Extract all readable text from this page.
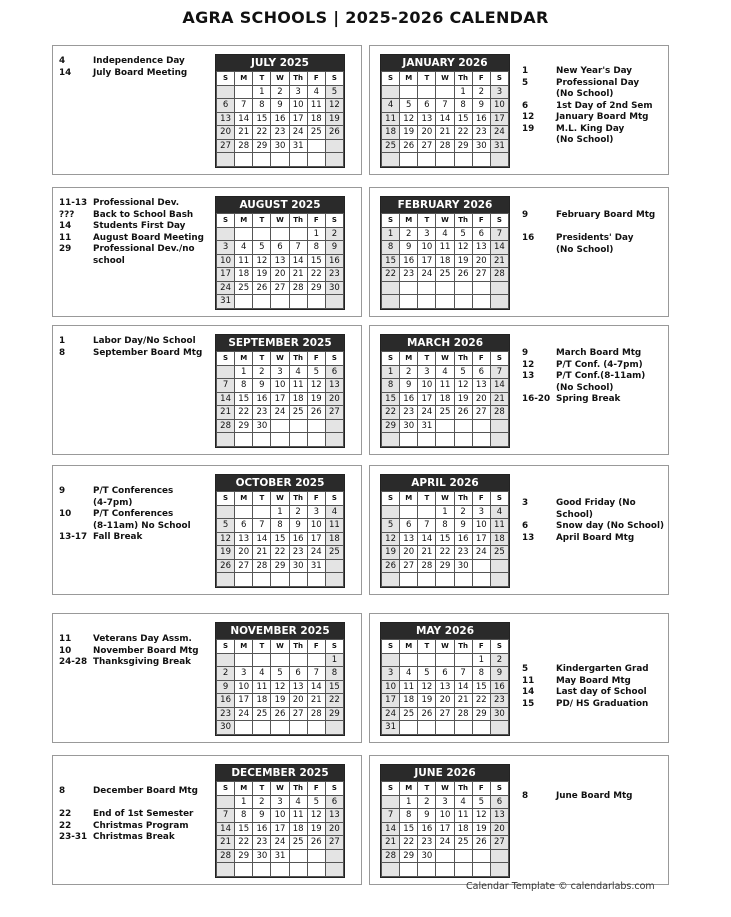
AGRA SCHOOLS | 2025-2026 CALENDAR
JULY 2025
S	M	T	W	Th	F	S
		1	2	3	4	5
6	7	8	9	10	11	12
13	14	15	16	17	18	19
20	21	22	23	24	25	26
27	28	29	30	31		

4	Independence Day
14	July Board Meeting
JANUARY 2026
S	M	T	W	Th	F	S
				1	2	3
4	5	6	7	8	9	10
11	12	13	14	15	16	17
18	19	20	21	22	23	24
25	26	27	28	29	30	31

1	New Year's Day
5	Professional Day
(No School)
6	1st Day of 2nd Sem
12	January Board Mtg
19	M.L. King Day
(No School)
AUGUST 2025
S	M	T	W	Th	F	S
					1	2
3	4	5	6	7	8	9
10	11	12	13	14	15	16
17	18	19	20	21	22	23
24	25	26	27	28	29	30
31						
11-13 Professional Dev.
???	Back to School Bash
14	Students First Day
11	August Board Meeting
29	Professional Dev./no school
FEBRUARY 2026
S	M	T	W	Th	F	S
1	2	3	4	5	6	7
8	9	10	11	12	13	14
15	16	17	18	19	20	21
22	23	24	25	26	27	28

9	February Board Mtg

16	Presidents' Day
(No School)
SEPTEMBER 2025
S	M	T	W	Th	F	S
	1	2	3	4	5	6
7	8	9	10	11	12	13
14	15	16	17	18	19	20
21	22	23	24	25	26	27
28	29	30				

1	Labor Day/No School
8	September Board Mtg
MARCH 2026
S	M	T	W	Th	F	S
1	2	3	4	5	6	7
8	9	10	11	12	13	14
15	16	17	18	19	20	21
22	23	24	25	26	27	28
29	30	31				

9	March Board Mtg
12	P/T Conf. (4-7pm)
13	P/T Conf.(8-11am)
(No School)
16-20 Spring Break
OCTOBER 2025
S	M	T	W	Th	F	S
			1	2	3	4
5	6	7	8	9	10	11
12	13	14	15	16	17	18
19	20	21	22	23	24	25
26	27	28	29	30	31	

9	P/T Conferences
(4-7pm)
10	P/T Conferences
(8-11am) No School
13-17 Fall Break
APRIL 2026
S	M	T	W	Th	F	S
			1	2	3	4
5	6	7	8	9	10	11
12	13	14	15	16	17	18
19	20	21	22	23	24	25
26	27	28	29	30		

3	Good Friday (No School)
6	Snow day (No School)
13	April Board Mtg
NOVEMBER 2025
S	M	T	W	Th	F	S
						1
2	3	4	5	6	7	8
9	10	11	12	13	14	15
16	17	18	19	20	21	22
23	24	25	26	27	28	29
30						
11	Veterans Day Assm.
10	November Board Mtg
24-28 Thanksgiving Break
MAY 2026
S	M	T	W	Th	F	S
					1	2
3	4	5	6	7	8	9
10	11	12	13	14	15	16
17	18	19	20	21	22	23
24	25	26	27	28	29	30
31						
5	Kindergarten Grad
11	May Board Mtg
14	Last day of School
15	PD/ HS Graduation
DECEMBER 2025
S	M	T	W	Th	F	S
	1	2	3	4	5	6
7	8	9	10	11	12	13
14	15	16	17	18	19	20
21	22	23	24	25	26	27
28	29	30	31			

8	December Board Mtg

22	End of 1st Semester
22	Christmas Program
23-31 Christmas Break
JUNE 2026
S	M	T	W	Th	F	S
	1	2	3	4	5	6
7	8	9	10	11	12	13
14	15	16	17	18	19	20
21	22	23	24	25	26	27
28	29	30				

8	June Board Mtg
Calendar Template © calendarlabs.com
